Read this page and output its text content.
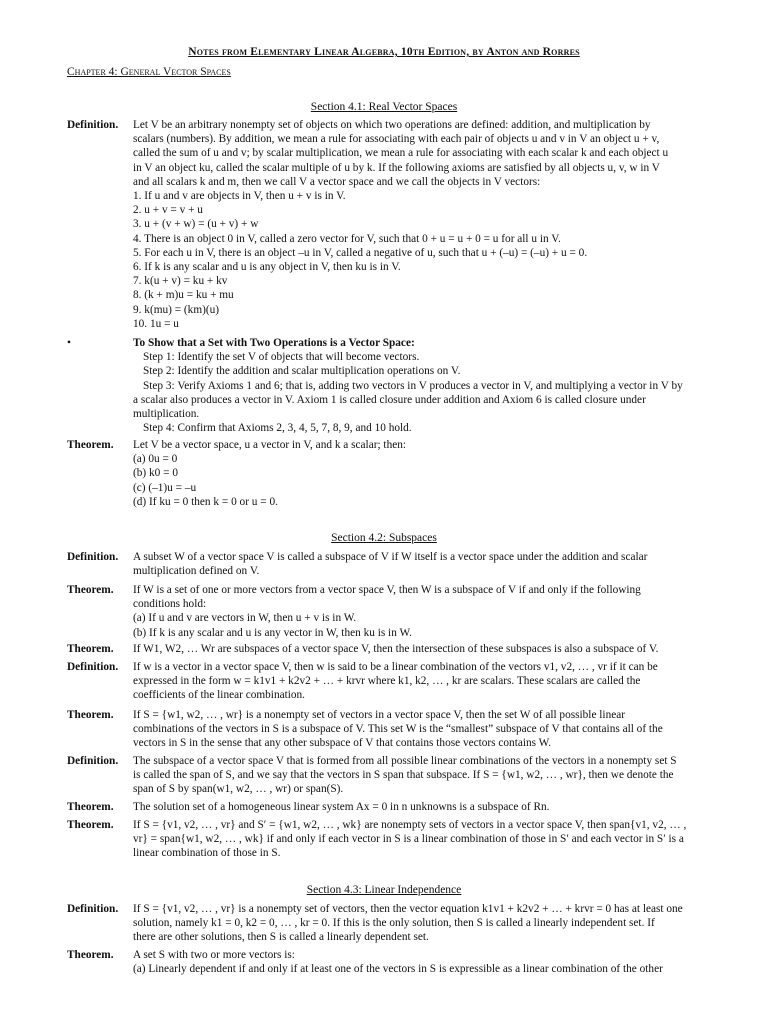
Notes from Elementary Linear Algebra, 10th Edition, by Anton and Rorres
Chapter 4: General Vector Spaces
Section 4.1: Real Vector Spaces
Definition.	Let V be an arbitrary nonempty set of objects on which two operations are defined: addition, and multiplication by
scalars (numbers). By addition, we mean a rule for associating with each pair of objects u and v in V an object u + v,
called the sum of u and v; by scalar multiplication, we mean a rule for associating with each scalar k and each object u
in V an object ku, called the scalar multiple of u by k. If the following axioms are satisfied by all objects u, v, w in V
and all scalars k and m, then we call V a vector space and we call the objects in V vectors:
1. If u and v are objects in V, then u + v is in V.
2. u + v = v + u
3. u + (v + w) = (u + v) + w
4. There is an object 0 in V, called a zero vector for V, such that 0 + u = u + 0 = u for all u in V.
5. For each u in V, there is an object –u in V, called a negative of u, such that u + (–u) = (–u) + u = 0.
6. If k is any scalar and u is any object in V, then ku is in V.
7. k(u + v) = ku + kv
8. (k + m)u = ku + mu
9. k(mu) = (km)(u)
10. 1u = u
•	To Show that a Set with Two Operations is a Vector Space:
Step 1: Identify the set V of objects that will become vectors.
Step 2: Identify the addition and scalar multiplication operations on V.
Step 3: Verify Axioms 1 and 6; that is, adding two vectors in V produces a vector in V, and multiplying a vector in V by
a scalar also produces a vector in V. Axiom 1 is called closure under addition and Axiom 6 is called closure under
multiplication.
Step 4: Confirm that Axioms 2, 3, 4, 5, 7, 8, 9, and 10 hold.
Theorem.	Let V be a vector space, u a vector in V, and k a scalar; then:
(a) 0u = 0
(b) k0 = 0
(c) (–1)u = –u
(d) If ku = 0 then k = 0 or u = 0.
Section 4.2: Subspaces
Definition.	A subset W of a vector space V is called a subspace of V if W itself is a vector space under the addition and scalar
multiplication defined on V.
Theorem.	If W is a set of one or more vectors from a vector space V, then W is a subspace of V if and only if the following
conditions hold:
(a) If u and v are vectors in W, then u + v is in W.
(b) If k is any scalar and u is any vector in W, then ku is in W.
Theorem.	If W1, W2, … Wr are subspaces of a vector space V, then the intersection of these subspaces is also a subspace of V.
Definition.	If w is a vector in a vector space V, then w is said to be a linear combination of the vectors v1, v2, … , vr if it can be
expressed in the form w = k1v1 + k2v2 + … + krvr where k1, k2, … , kr are scalars. These scalars are called the
coefficients of the linear combination.
Theorem.	If S = {w1, w2, … , wr} is a nonempty set of vectors in a vector space V, then the set W of all possible linear
combinations of the vectors in S is a subspace of V. This set W is the “smallest” subspace of V that contains all of the
vectors in S in the sense that any other subspace of V that contains those vectors contains W.
Definition.	The subspace of a vector space V that is formed from all possible linear combinations of the vectors in a nonempty set S
is called the span of S, and we say that the vectors in S span that subspace. If S = {w1, w2, … , wr}, then we denote the
span of S by span(w1, w2, … , wr) or span(S).
Theorem.	The solution set of a homogeneous linear system Ax = 0 in n unknowns is a subspace of Rn.
Theorem.	If S = {v1, v2, … , vr} and S′ = {w1, w2, … , wk} are nonempty sets of vectors in a vector space V, then span{v1, v2, … ,
vr} = span{w1, w2, … , wk} if and only if each vector in S is a linear combination of those in S′ and each vector in S′ is a
linear combination of those in S.
Section 4.3: Linear Independence
Definition.	If S = {v1, v2, … , vr} is a nonempty set of vectors, then the vector equation k1v1 + k2v2 + … + krvr = 0 has at least one
solution, namely k1 = 0, k2 = 0, … , kr = 0. If this is the only solution, then S is called a linearly independent set. If
there are other solutions, then S is called a linearly dependent set.
Theorem.	A set S with two or more vectors is:
(a) Linearly dependent if and only if at least one of the vectors in S is expressible as a linear combination of the other
